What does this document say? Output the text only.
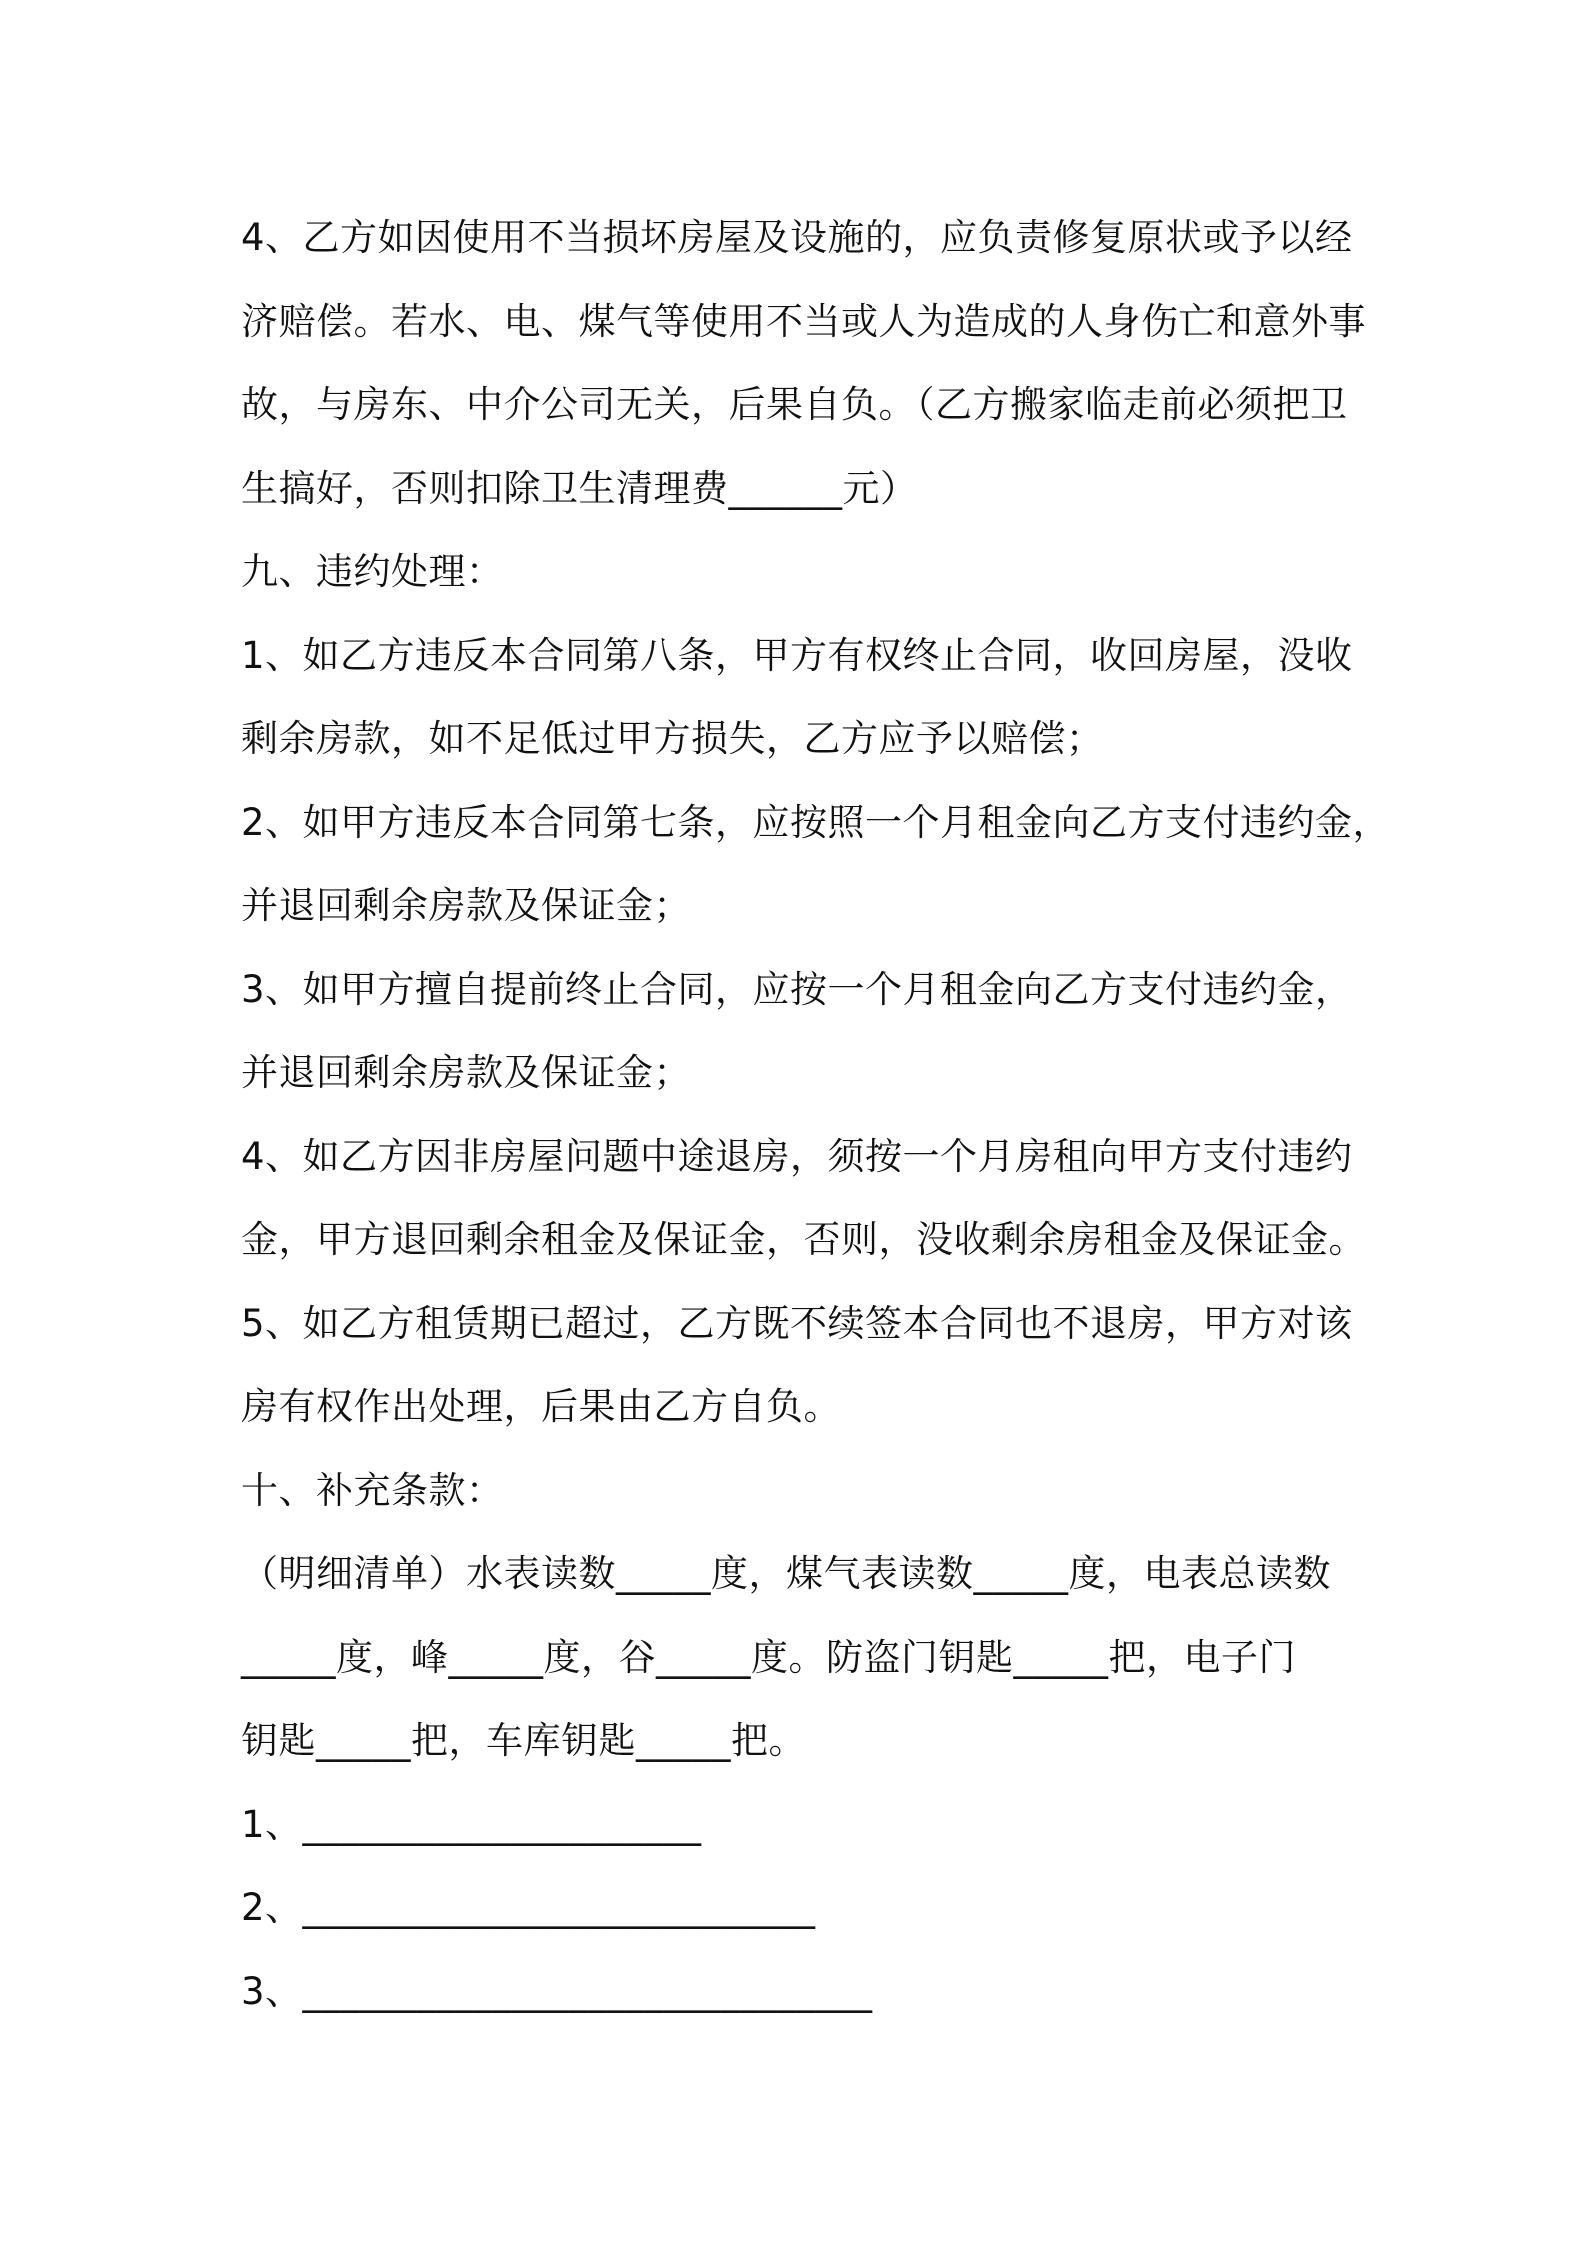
4、乙方如因使用不当损坏房屋及设施的，应负责修复原状或予以经
济赔偿。若水、电、煤气等使用不当或人为造成的人身伤亡和意外事
故，与房东、中介公司无关，后果自负。（乙方搬家临走前必须把卫
生搞好，否则扣除卫生清理费______元）
九、违约处理：
1、如乙方违反本合同第八条，甲方有权终止合同，收回房屋，没收
剩余房款，如不足低过甲方损失，乙方应予以赔偿；
2、如甲方违反本合同第七条，应按照一个月租金向乙方支付违约金，
并退回剩余房款及保证金；
3、如甲方擅自提前终止合同，应按一个月租金向乙方支付违约金，
并退回剩余房款及保证金；
4、如乙方因非房屋问题中途退房，须按一个月房租向甲方支付违约
金，甲方退回剩余租金及保证金，否则，没收剩余房租金及保证金。
5、如乙方租赁期已超过，乙方既不续签本合同也不退房，甲方对该
房有权作出处理，后果由乙方自负。
十、补充条款：
（明细清单）水表读数_____度，煤气表读数_____度，电表总读数
_____度，峰_____度，谷_____度。防盗门钥匙_____把，电子门
钥匙_____把，车库钥匙_____把。
1、_____________________
2、___________________________
3、______________________________
